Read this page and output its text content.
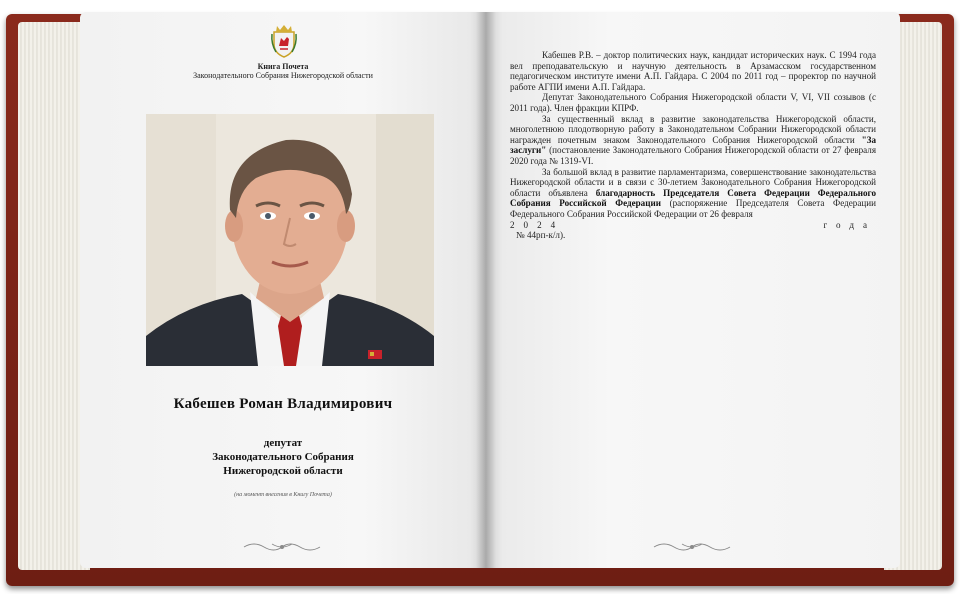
Книга Почета
Законодательного Собрания Нижегородской области
Кабешев Роман Владимирович
депутат
Законодательного Собрания
Нижегородской области
(на момент внесения в Книгу Почета)

Кабешев Р.В. – доктор политических наук, кандидат исторических наук. С 1994 года вел преподавательскую и научную деятельность в Арзамасском государственном педагогическом институте имени А.П. Гайдара. С 2004 по 2011 год – проректор по научной работе АГПИ имени А.П. Гайдара.

Депутат Законодательного Собрания Нижегородской области V, VI, VII созывов (с 2011 года). Член фракции КПРФ.

За существенный вклад в развитие законодательства Нижегородской области, многолетнюю плодотворную работу в Законодательном Собрании Нижегородской области награжден почетным знаком Законодательного Собрания Нижегородской области "За заслуги" (постановление Законодательного Собрания Нижегородской области от 27 февраля 2020 года № 1319-VI.

За большой вклад в развитие парламентаризма, совершенствование законодательства Нижегородской области и в связи с 30-летием Законодательного Собрания Нижегородской области объявлена благодарность Председателя Совета Федерации Федерального Собрания Российской Федерации (распоряжение Председателя Совета Федерации Федерального Собрания Российской Федерации от 26 февраля

2024	года

№ 44рп-к/л).
